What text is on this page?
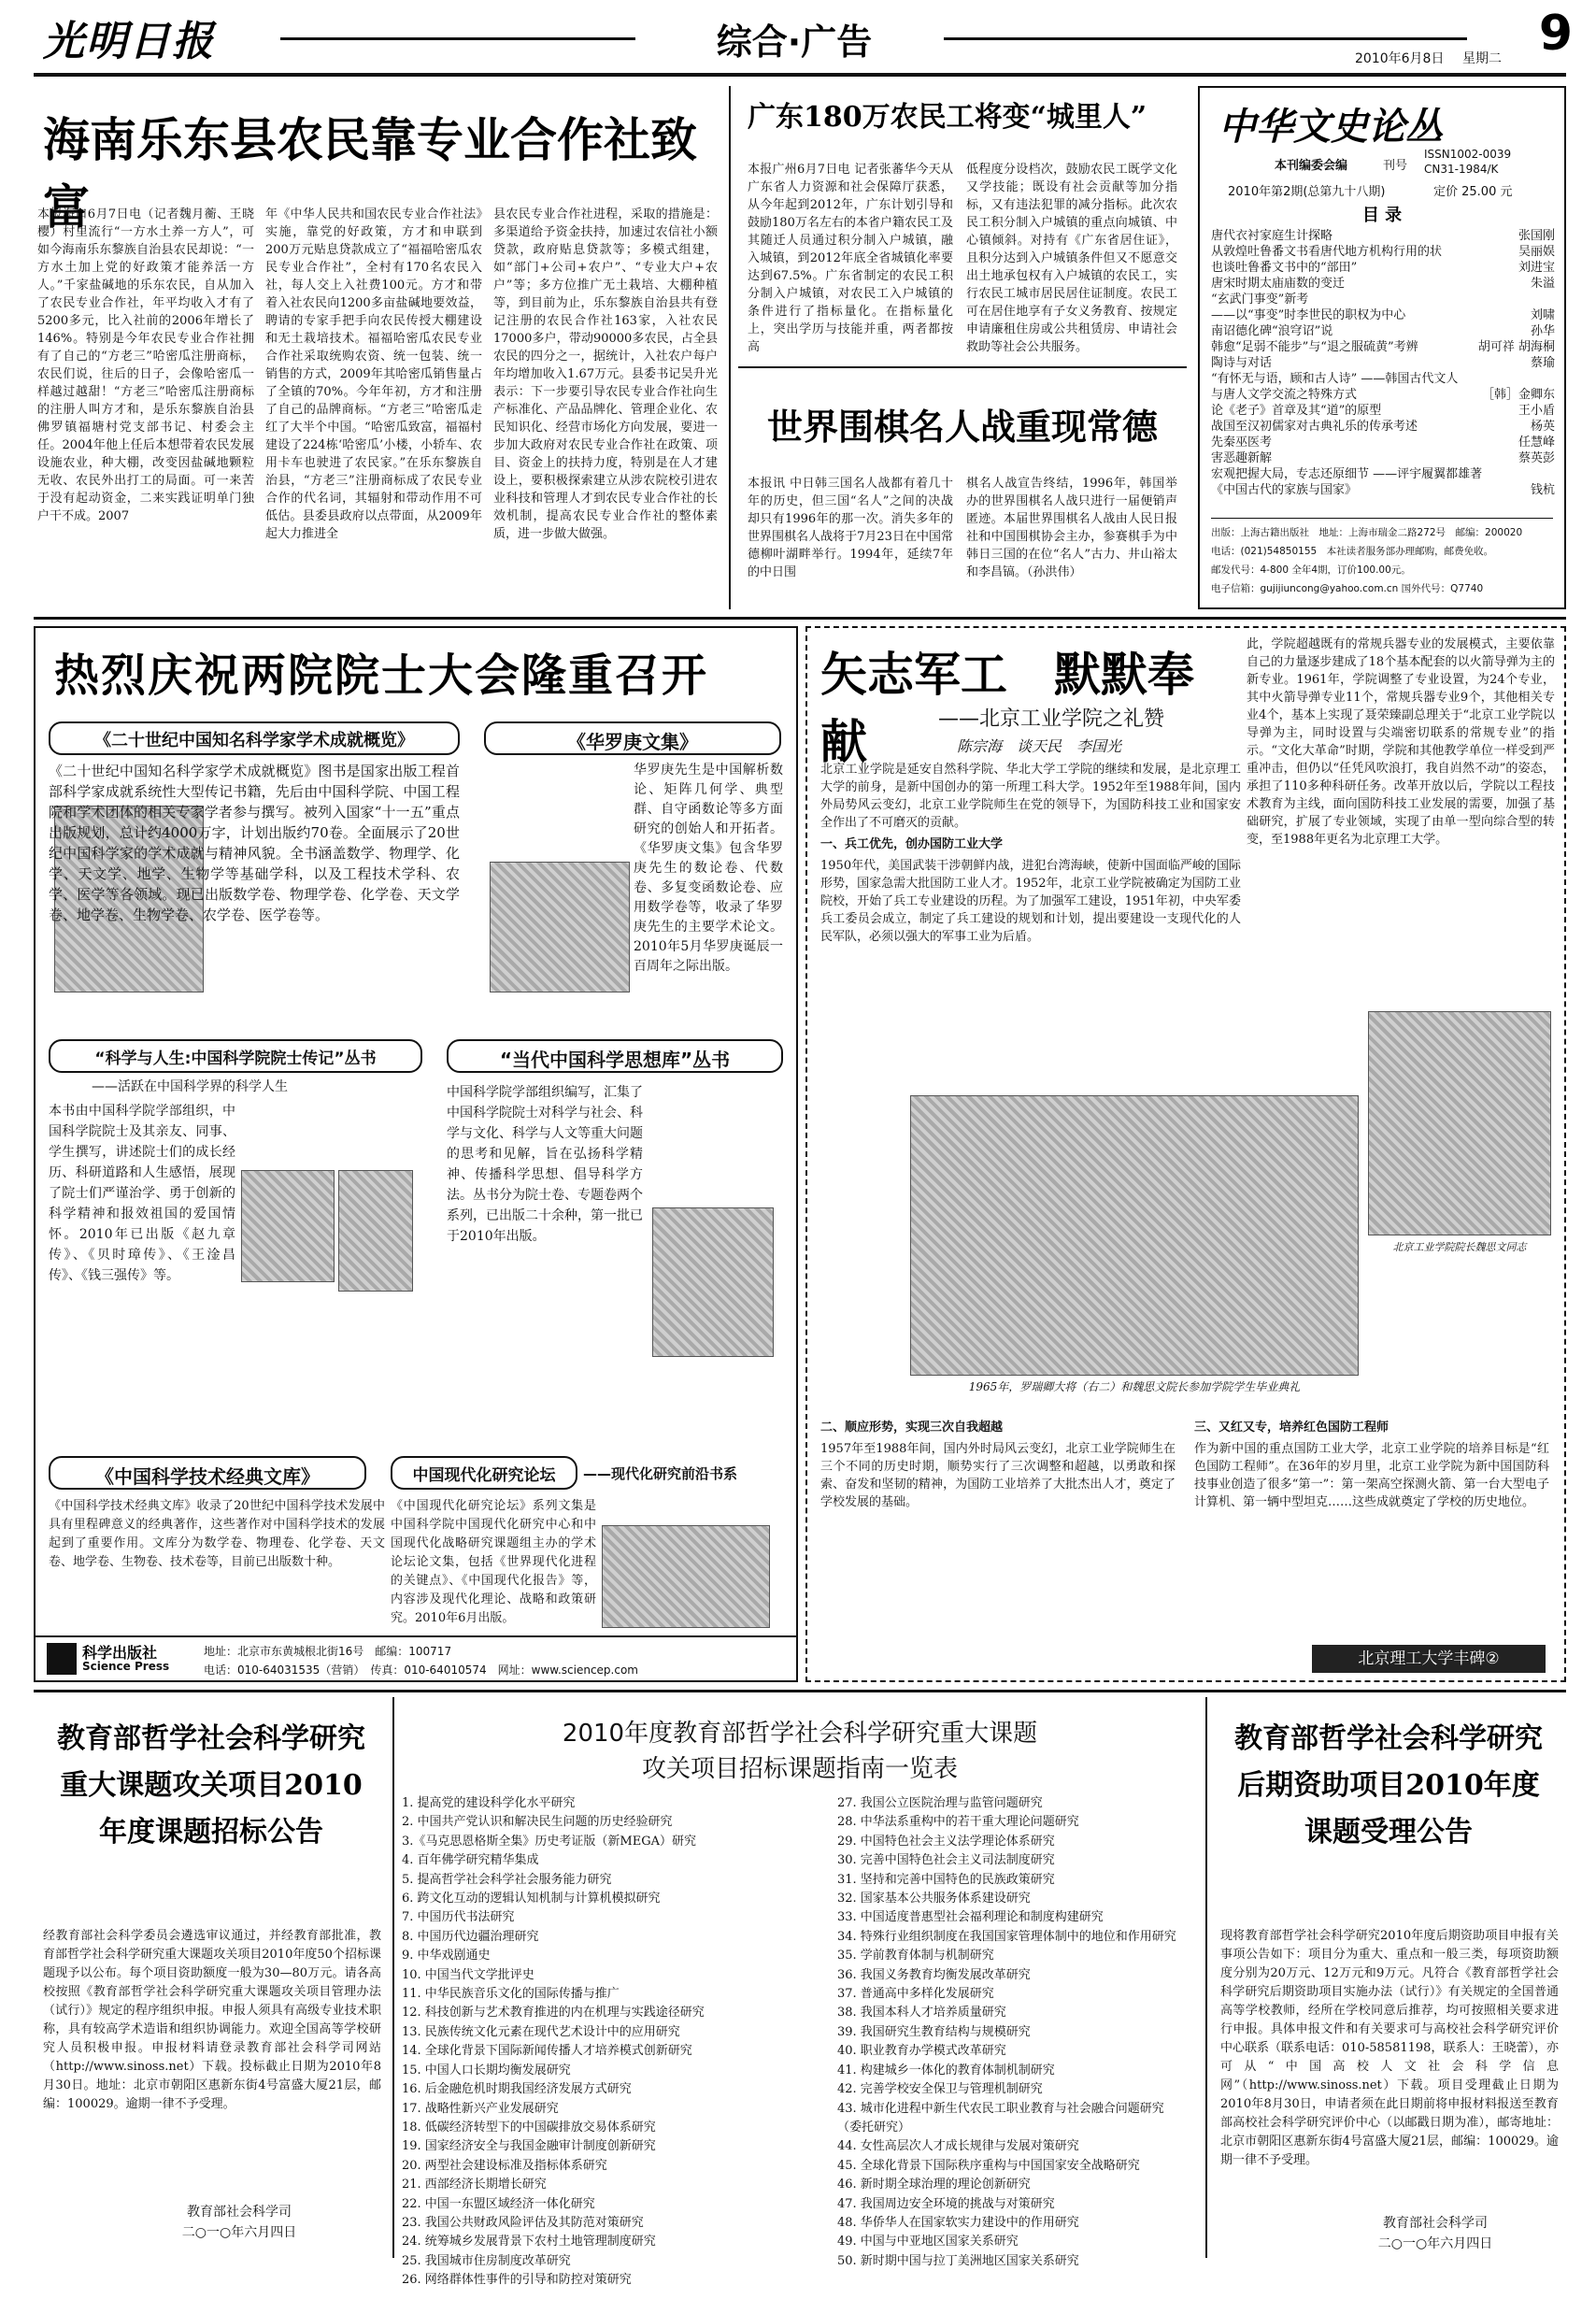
光明日报	综合·广告	9
2010年6月8日	星期二
海南乐东县农民靠专业合作社致富
本报海口6月7日电（记者魏月蘅、王晓樱）村里流行“一方水土养一方人”，可如今海南乐东黎族自治县农民却说：“一方水土加上党的好政策才能养活一方人。”千家盐碱地的乐东农民，自从加入了农民专业合作社，年平均收入才有了5200多元，比入社前的2006年增长了146%。特别是今年农民专业合作社拥有了自己的“方老三”哈密瓜注册商标，农民们说，往后的日子，会像哈密瓜一样越过越甜！“方老三”哈密瓜注册商标的注册人叫方才和，是乐东黎族自治县佛罗镇福塘村党支部书记、村委会主任。2004年他上任后本想带着农民发展设施农业，种大棚，改变因盐碱地颗粒无收、农民外出打工的局面。可一来苦于没有起动资金，二来实践证明单门独户干不成。2007
年《中华人民共和国农民专业合作社法》实施，靠党的好政策，方才和申联到200万元贴息贷款成立了“福福哈密瓜农民专业合作社”，全村有170名农民入社，每人交上入社费100元。方才和带着入社农民向1200多亩盐碱地要效益，聘请的专家手把手向农民传授大棚建设和无土栽培技术。福福哈密瓜农民专业合作社采取统购农资、统一包装、统一销售的方式，2009年其哈密瓜销售量占了全镇的70%。今年年初，方才和注册了自己的品牌商标。“方老三”哈密瓜走红了大半个中国。“哈密瓜致富，福福村建设了224栋‘哈密瓜’小楼，小轿车、农用卡车也驶进了农民家。”在乐东黎族自治县，“方老三”注册商标成了农民专业合作的代名词，其辐射和带动作用不可低估。县委县政府以点带面，从2009年起大力推进全
县农民专业合作社进程，采取的措施是：多渠道给予资金扶持，加速过农信社小额贷款，政府贴息贷款等；多模式组建，如“部门+公司+农户”、“专业大户+农户”等；多方位推广无土栽培、大棚种植等，到目前为止，乐东黎族自治县共有登记注册的农民合作社163家，入社农民17000多户，带动90000多农民，占全县农民的四分之一，据统计，入社农户每户年均增加收入1.67万元。县委书记吴升光表示：下一步要引导农民专业合作社向生产标准化、产品品牌化、管理企业化、农民知识化、经营市场化方向发展，要进一步加大政府对农民专业合作社在政策、项目、资金上的扶持力度，特别是在人才建设上，要积极探索建立从涉农院校引进农业科技和管理人才到农民专业合作社的长效机制，提高农民专业合作社的整体素质，进一步做大做强。
广东180万农民工将变“城里人”
本报广州6月7日电 记者张蕃华今天从广东省人力资源和社会保障厅获悉，从今年起到2012年，广东计划引导和鼓励180万名左右的本省户籍农民工及其随迁人员通过积分制入户城镇，融入城镇，到2012年底全省城镇化率要达到67.5%。广东省制定的农民工积分制入户城镇，对农民工入户城镇的条件进行了指标量化。在指标量化上，突出学历与技能并重，两者都按高
低程度分设档次，鼓励农民工既学文化又学技能；既设有社会贡献等加分指标，又有违法犯罪的减分指标。此次农民工积分制入户城镇的重点向城镇、中心镇倾斜。对持有《广东省居住证》，且积分达到入户城镇条件但又不愿意交出土地承包权有入户城镇的农民工，实行农民工城市居民居住证制度。农民工可在居住地享有子女义务教育、按规定申请廉租住房或公共租赁房、申请社会救助等社会公共服务。
世界围棋名人战重现常德
本报讯 中日韩三国名人战都有着几十年的历史，但三国“名人”之间的决战却只有1996年的那一次。消失多年的世界围棋名人战将于7月23日在中国常德柳叶湖畔举行。1994年，延续7年的中日围
棋名人战宣告终结，1996年，韩国举办的世界围棋名人战只进行一届便销声匿迹。本届世界围棋名人战由人民日报社和中国围棋协会主办，参赛棋手为中韩日三国的在位“名人”古力、井山裕太和李昌镐。（孙洪伟）
中华文史论丛
本刊编委会编	刊号
ISSN1002-0039
CN31-1984/K
2010年第2期(总第九十八期)	定价 25.00 元
目 录
唐代衣衬家庭生计探略	张国刚
从敦煌吐鲁番文书看唐代地方机构行用的状	吴丽娱
也谈吐鲁番文书中的“部田”	刘进宝
唐宋时期太庙庙数的变迁	朱溢
“玄武门事变”新考
——以“事变”时李世民的职权为中心	刘啸
南诏德化碑“浪穹诏”说	孙华
韩愈“足弱不能步”与“退之服硫黄”考辨	胡可祥 胡海桐
陶诗与对话	蔡瑜
“有怀无与语，顾和古人诗” ——韩国古代文人
与唐人文学交流之特殊方式	［韩］金卿东
论《老子》首章及其“道”的原型	王小盾
战国至汉初儒家对古典礼乐的传承考述	杨英
先秦巫医考	任慧峰
害恶趣新解	蔡英彭
宏观把握大局，专志还原细节 ——评宇履翼都雄著
《中国古代的家族与国家》	钱杭
出版：上海古籍出版社　地址：上海市瑞金二路272号　邮编：200020
电话：(021)54850155　本社读者服务部办理邮购，邮费免收。
邮发代号：4-800 全年4期，订价100.00元。
电子信箱：gujijiuncong@yahoo.com.cn 国外代号：Q7740
热烈庆祝两院院士大会隆重召开
《二十世纪中国知名科学家学术成就概览》
《二十世纪中国知名科学家学术成就概览》图书是国家出版工程首部科学家成就系统性大型传记书籍，先后由中国科学院、中国工程院和学术团体的相关专家学者参与撰写。被列入国家“十一五”重点出版规划，总计约4000万字，计划出版约70卷。全面展示了20世纪中国科学家的学术成就与精神风貌。全书涵盖数学、物理学、化学、天文学、地学、生物学等基础学科，以及工程技术学科、农学、医学等各领域。现已出版数学卷、物理学卷、化学卷、天文学卷、地学卷、生物学卷、农学卷、医学卷等。
《华罗庚文集》
华罗庚先生是中国解析数论、矩阵几何学、典型群、自守函数论等多方面研究的创始人和开拓者。《华罗庚文集》包含华罗庚先生的数论卷、代数卷、多复变函数论卷、应用数学卷等，收录了华罗庚先生的主要学术论文。2010年5月华罗庚诞辰一百周年之际出版。
“科学与人生:中国科学院院士传记”丛书
——活跃在中国科学界的科学人生
本书由中国科学院学部组织，中国科学院院士及其亲友、同事、学生撰写，讲述院士们的成长经历、科研道路和人生感悟，展现了院士们严谨治学、勇于创新的科学精神和报效祖国的爱国情怀。2010年已出版《赵九章传》、《贝时璋传》、《王淦昌传》、《钱三强传》等。
“当代中国科学思想库”丛书
中国科学院学部组织编写，汇集了中国科学院院士对科学与社会、科学与文化、科学与人文等重大问题的思考和见解，旨在弘扬科学精神、传播科学思想、倡导科学方法。丛书分为院士卷、专题卷两个系列，已出版二十余种，第一批已于2010年出版。
《中国科学技术经典文库》
《中国科学技术经典文库》收录了20世纪中国科学技术发展中具有里程碑意义的经典著作，这些著作对中国科学技术的发展起到了重要作用。文库分为数学卷、物理卷、化学卷、天文卷、地学卷、生物卷、技术卷等，目前已出版数十种。
中国现代化研究论坛	——现代化研究前沿书系
《中国现代化研究论坛》系列文集是中国科学院中国现代化研究中心和中国现代化战略研究课题组主办的学术论坛论文集，包括《世界现代化进程的关键点》、《中国现代化报告》等，内容涉及现代化理论、战略和政策研究。2010年6月出版。
科学出版社
Science Press
地址：北京市东黄城根北街16号　邮编：100717
电话：010-64031535（营销）　传真：010-64010574　网址：www.sciencep.com
矢志军工　默默奉献	——北京工业学院之礼赞
陈宗海　谈天民　李国光
此，学院超越既有的常规兵器专业的发展模式，主要依靠自己的力量逐步建成了18个基本配套的以火箭导弹为主的新专业。1961年，学院调整了专业设置，为24个专业，其中火箭导弹专业11个，常规兵器专业9个，其他相关专业4个，基本上实现了聂荣臻副总理关于“北京工业学院以导弹为主，同时设置与尖端密切联系的常规专业”的指示。“文化大革命”时期，学院和其他教学单位一样受到严重冲击，但仍以“任凭风吹浪打，我自岿然不动”的姿态，承担了110多种科研任务。改革开放以后，学院以工程技术教育为主线，面向国防科技工业发展的需要，加强了基础研究，扩展了专业领域，实现了由单一型向综合型的转变，至1988年更名为北京理工大学。
北京工业学院院长魏思文同志
北京工业学院是延安自然科学院、华北大学工学院的继续和发展，是北京理工大学的前身，是新中国创办的第一所理工科大学。1952年至1988年间，国内外局势风云变幻，北京工业学院师生在党的领导下，为国防科技工业和国家安全作出了不可磨灭的贡献。
一、兵工优先，创办国防工业大学
1950年代，美国武装干涉朝鲜内战，进犯台湾海峡，使新中国面临严峻的国际形势，国家急需大批国防工业人才。1952年，北京工业学院被确定为国防工业院校，开始了兵工专业建设的历程。为了加强军工建设，1951年初，中央军委兵工委员会成立，制定了兵工建设的规划和计划，提出要建设一支现代化的人民军队，必须以强大的军事工业为后盾。
1965年，罗瑞卿大将（右二）和魏思文院长参加学院学生毕业典礼
二、顺应形势，实现三次自我超越
1957年至1988年间，国内外时局风云变幻，北京工业学院师生在三个不同的历史时期，顺势实行了三次调整和超越，以勇敢和探索、奋发和坚韧的精神，为国防工业培养了大批杰出人才，奠定了学校发展的基础。
三、又红又专，培养红色国防工程师
作为新中国的重点国防工业大学，北京工业学院的培养目标是“红色国防工程师”。在36年的岁月里，北京工业学院为新中国国防科技事业创造了很多“第一”：第一架高空探测火箭、第一台大型电子计算机、第一辆中型坦克……这些成就奠定了学校的历史地位。
北京理工大学丰碑②
教育部哲学社会科学研究重大课题攻关项目2010年度课题招标公告
经教育部社会科学委员会遴选审议通过，并经教育部批准，教育部哲学社会科学研究重大课题攻关项目2010年度50个招标课题现予以公布。每个项目资助额度一般为30—80万元。请各高校按照《教育部哲学社会科学研究重大课题攻关项目管理办法（试行）》规定的程序组织申报。申报人须具有高级专业技术职称，具有较高学术造诣和组织协调能力。欢迎全国高等学校研究人员积极申报。申报材料请登录教育部社会科学司网站（http://www.sinoss.net）下载。投标截止日期为2010年8月30日。地址：北京市朝阳区惠新东街4号富盛大厦21层，邮编：100029。逾期一律不予受理。
教育部社会科学司
二○一○年六月四日
2010年度教育部哲学社会科学研究重大课题
攻关项目招标课题指南一览表
1. 提高党的建设科学化水平研究
2. 中国共产党认识和解决民生问题的历史经验研究
3.《马克思恩格斯全集》历史考证版（新MEGA）研究
4. 百年佛学研究精华集成
5. 提高哲学社会科学社会服务能力研究
6. 跨文化互动的逻辑认知机制与计算机模拟研究
7. 中国历代书法研究
8. 中国历代边疆治理研究
9. 中华戏剧通史
10. 中国当代文学批评史
11. 中华民族音乐文化的国际传播与推广
12. 科技创新与艺术教育推进的内在机理与实践途径研究
13. 民族传统文化元素在现代艺术设计中的应用研究
14. 全球化背景下国际新闻传播人才培养模式创新研究
15. 中国人口长期均衡发展研究
16. 后金融危机时期我国经济发展方式研究
17. 战略性新兴产业发展研究
18. 低碳经济转型下的中国碳排放交易体系研究
19. 国家经济安全与我国金融审计制度创新研究
20. 两型社会建设标准及指标体系研究
21. 西部经济长期增长研究
22. 中国一东盟区域经济一体化研究
23. 我国公共财政风险评估及其防范对策研究
24. 统筹城乡发展背景下农村土地管理制度研究
25. 我国城市住房制度改革研究
26. 网络群体性事件的引导和防控对策研究
27. 我国公立医院治理与监管问题研究
28. 中华法系重构中的若干重大理论问题研究
29. 中国特色社会主义法学理论体系研究
30. 完善中国特色社会主义司法制度研究
31. 坚持和完善中国特色的民族政策研究
32. 国家基本公共服务体系建设研究
33. 中国适度普惠型社会福利理论和制度构建研究
34. 特殊行业组织制度在我国国家管理体制中的地位和作用研究
35. 学前教育体制与机制研究
36. 我国义务教育均衡发展改革研究
37. 普通高中多样化发展研究
38. 我国本科人才培养质量研究
39. 我国研究生教育结构与规模研究
40. 职业教育办学模式改革研究
41. 构建城乡一体化的教育体制机制研究
42. 完善学校安全保卫与管理机制研究
43. 城市化进程中新生代农民工职业教育与社会融合问题研究
（委托研究）
44. 女性高层次人才成长规律与发展对策研究
45. 全球化背景下国际秩序重构与中国国家安全战略研究
46. 新时期全球治理的理论创新研究
47. 我国周边安全环境的挑战与对策研究
48. 华侨华人在国家软实力建设中的作用研究
49. 中国与中亚地区国家关系研究
50. 新时期中国与拉丁美洲地区国家关系研究
教育部哲学社会科学研究后期资助项目2010年度课题受理公告
现将教育部哲学社会科学研究2010年度后期资助项目申报有关事项公告如下：项目分为重大、重点和一般三类，每项资助额度分别为20万元、12万元和9万元。凡符合《教育部哲学社会科学研究后期资助项目实施办法（试行）》有关规定的全国普通高等学校教师，经所在学校同意后推荐，均可按照相关要求进行申报。具体申报文件和有关要求可与高校社会科学研究评价中心联系（联系电话：010-58581198，联系人：王晓蕾），亦可从“中国高校人文社会科学信息网”（http://www.sinoss.net）下载。项目受理截止日期为2010年8月30日，申请者须在此日期前将申报材料报送至教育部高校社会科学研究评价中心（以邮戳日期为准），邮寄地址：北京市朝阳区惠新东街4号富盛大厦21层，邮编：100029。逾期一律不予受理。
教育部社会科学司
二○一○年六月四日
